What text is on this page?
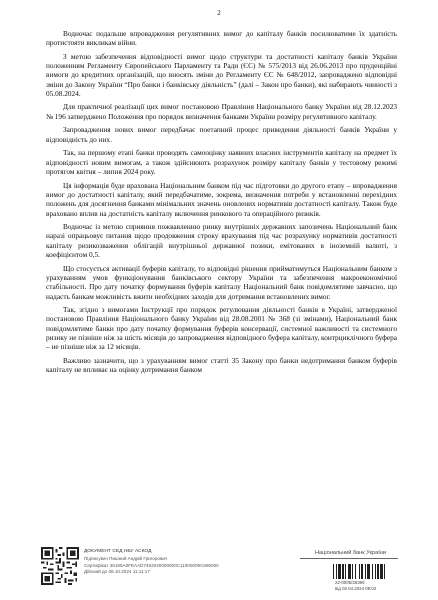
2

Водночас подальше впровадження регулятивних вимог до капіталу банків посилюватиме їх здатність протистояти викликам війни.

З метою забезпечення відповідності вимог щодо структури та достатності капіталу банків України положенням Регламенту Європейського Парламенту та Ради (ЄС) № 575/2013 від 26.06.2013 про пруденційні вимоги до кредитних організацій, що вносять зміни до Регламенту ЄС № 648/2012, запроваджено відповідні зміни до Закону України “Про банки і банківську діяльність” (далі – Закон про банки), які набирають чинності з 05.08.2024.

Для практичної реалізації цих вимог постановою Правління Національного банку України від 28.12.2023 № 196 затверджено Положення про порядок визначення банками України розміру регулятивного капіталу.

Запровадження нових вимог передбачає поетапний процес приведення діяльності банків України у відповідність до них.

Так, на першому етапі банки проводять самооцінку наявних власних інструментів капіталу на предмет їх відповідності новим вимогам, а також здійснюють розрахунок розміру капіталу банків у тестовому режимі протягом квітня – липня 2024 року.

Ця інформація буде врахована Національним банком під час підготовки до другого етапу – впровадження вимог до достатності капіталу, який передбачатиме, зокрема, визначення потреби у встановленні перехідних положень для досягнення банками мінімальних значень оновлених нормативів достатності капіталу. Також буде враховано вплив на достатність капіталу включення ринкового та операційного ризиків.

Водночас із метою сприяння пожвавленню ринку внутрішніх державних запозичень Національний банк наразі опрацьовує питання щодо продовження строку врахування під час розрахунку нормативів достатності капіталу ризикозваження облігацій внутрішньої державної позики, емітованих в іноземній валюті, з коефіцієнтом 0,5.

Що стосується активації буферів капіталу, то відповідні рішення прийматимуться Національним банком з урахуванням умов функціонування банківського сектору України та забезпечення макроекономічної стабільності. Про дату початку формування буферів капіталу Національний банк повідомлятиме завчасно, що надасть банкам можливість вжити необхідних заходів для дотримання встановлених вимог.

Так, згідно з вимогами Інструкції про порядок регулювання діяльності банків в Україні, затвердженої постановою Правління Національного банку України від 28.08.2001 № 368 (зі змінами), Національний банк повідомлятиме банки про дату початку формування буферів консервації, системної важливості та системного ризику не пізніше ніж за шість місяців до запровадження відповідного буфера капіталу, контрциклічного буфера – не пізніше ніж за 12 місяців.

Важливо зазначити, що з урахуванням вимог статті 35 Закону про банки недотримання банком буферів капіталу не впливає на оцінку дотримання банком

ДОКУМЕНТ СЕД НБУ АСКОД
Підписувач Пишний Андрій Григорович
Сертифікат 36186A0FEAAD7482040000000C11000009C690000
Дійсний до 08.10.2024 11:11:17
Національний банк України
22-0005/25399
від 02.04.2024 08:02
